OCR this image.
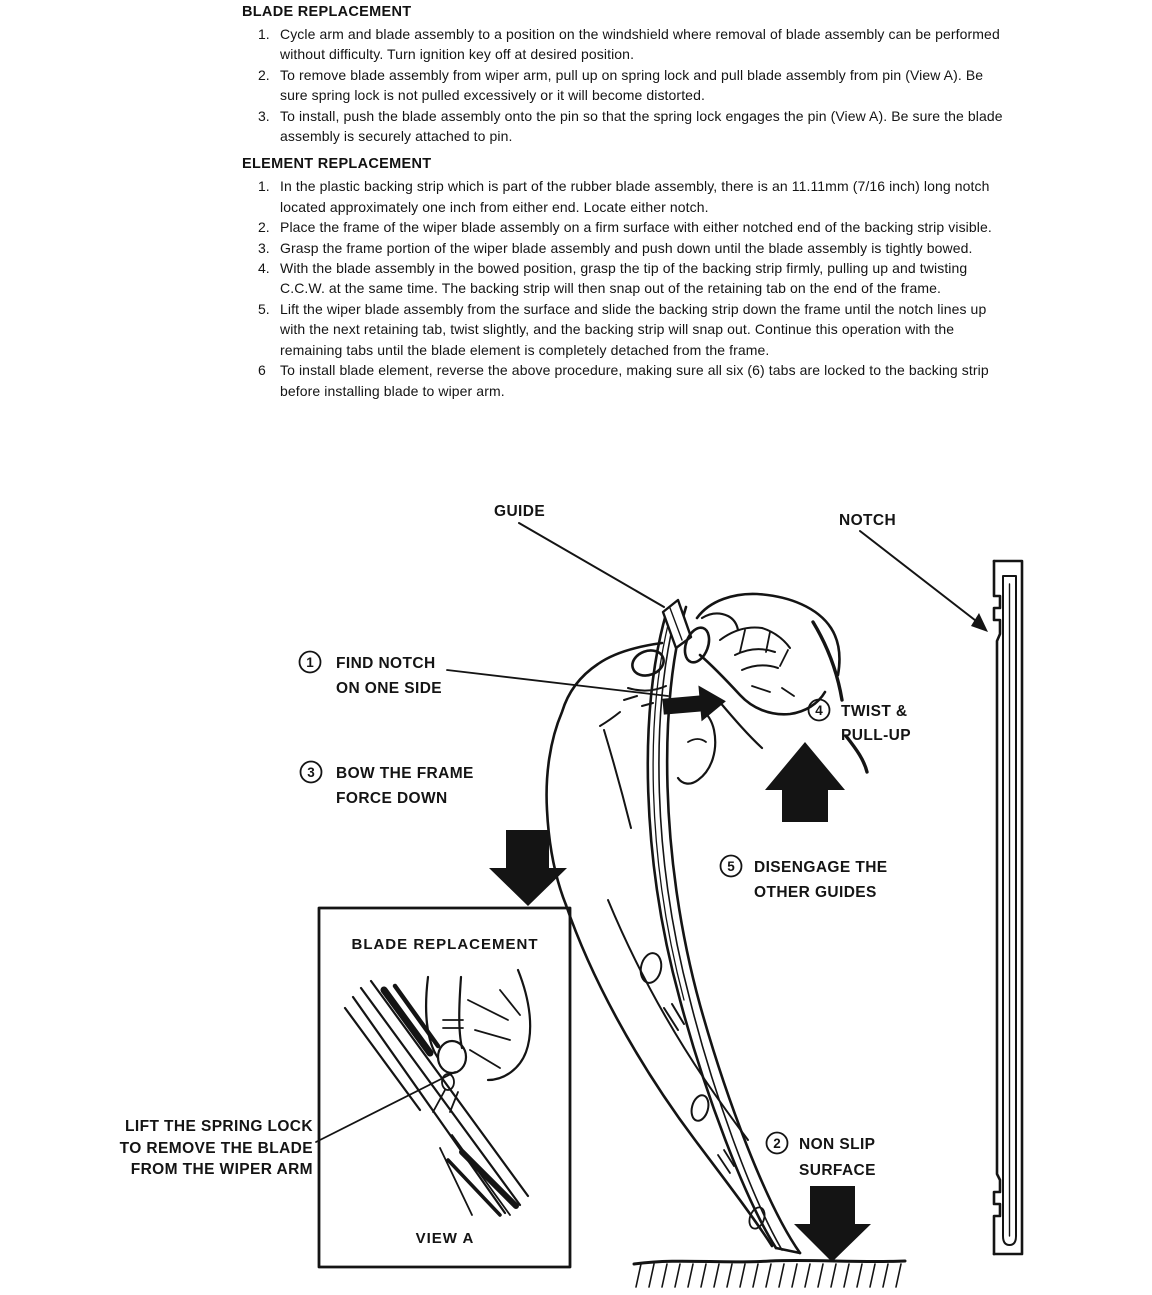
BLADE REPLACEMENT
1. Cycle arm and blade assembly to a position on the windshield where removal of blade assembly can be performed without difficulty. Turn ignition key off at desired position.
2. To remove blade assembly from wiper arm, pull up on spring lock and pull blade assembly from pin (View A). Be sure spring lock is not pulled excessively or it will become distorted.
3. To install, push the blade assembly onto the pin so that the spring lock engages the pin (View A). Be sure the blade assembly is securely attached to pin.
ELEMENT REPLACEMENT
1. In the plastic backing strip which is part of the rubber blade assembly, there is an 11.11mm (7/16 inch) long notch located approximately one inch from either end. Locate either notch.
2. Place the frame of the wiper blade assembly on a firm surface with either notched end of the backing strip visible.
3. Grasp the frame portion of the wiper blade assembly and push down until the blade assembly is tightly bowed.
4. With the blade assembly in the bowed position, grasp the tip of the backing strip firmly, pulling up and twisting C.C.W. at the same time. The backing strip will then snap out of the retaining tab on the end of the frame.
5. Lift the wiper blade assembly from the surface and slide the backing strip down the frame until the notch lines up with the next retaining tab, twist slightly, and the backing strip will snap out. Continue this operation with the remaining tabs until the blade element is completely detached from the frame.
6	To install blade element, reverse the above procedure, making sure all six (6) tabs are locked to the backing strip before installing blade to wiper arm.
GUIDE
NOTCH
1 FIND NOTCH
ON ONE SIDE
3 BOW THE FRAME
FORCE DOWN
4 TWIST &
PULL-UP
5 DISENGAGE THE
OTHER GUIDES
2 NON SLIP
SURFACE
BLADE REPLACEMENT
VIEW A
LIFT THE SPRING LOCK
TO REMOVE THE BLADE
FROM THE WIPER ARM
